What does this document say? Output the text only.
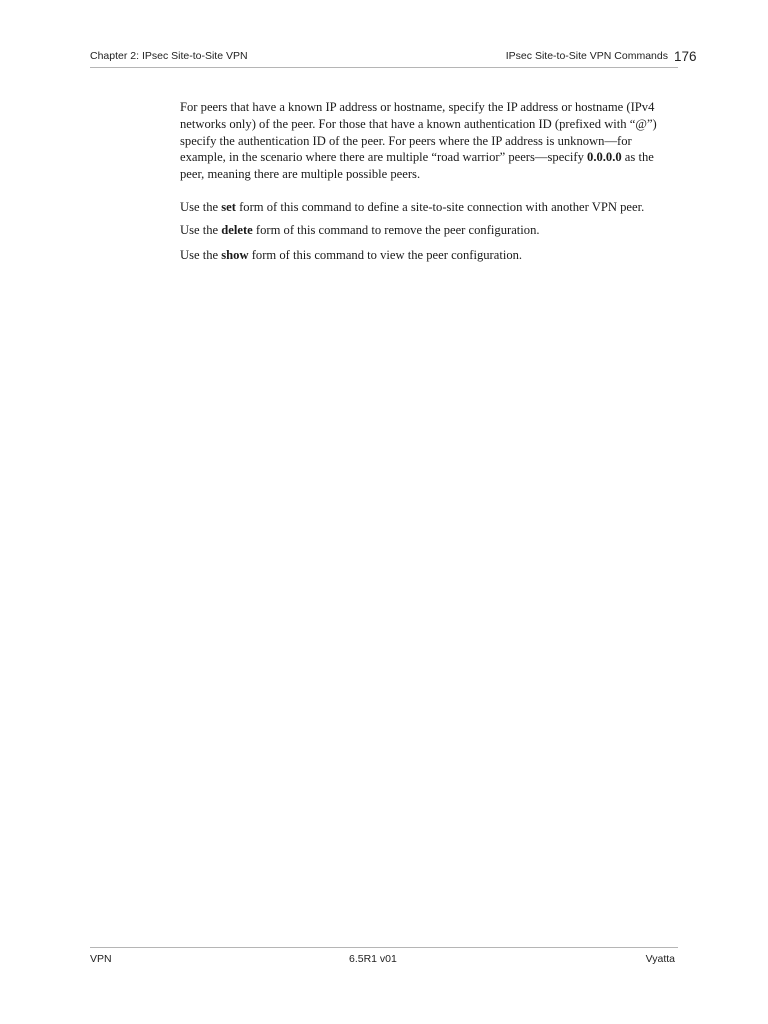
Chapter 2: IPsec Site-to-Site VPN	IPsec Site-to-Site VPN Commands 176

For peers that have a known IP address or hostname, specify the IP address or hostname (IPv4 networks only) of the peer. For those that have a known authentication ID (prefixed with “@”) specify the authentication ID of the peer. For peers where the IP address is unknown—for example, in the scenario where there are multiple “road warrior” peers—specify 0.0.0.0 as the peer, meaning there are multiple possible peers.

Use the set form of this command to define a site-to-site connection with another VPN peer.

Use the delete form of this command to remove the peer configuration.

Use the show form of this command to view the peer configuration.

VPN	6.5R1 v01	Vyatta
